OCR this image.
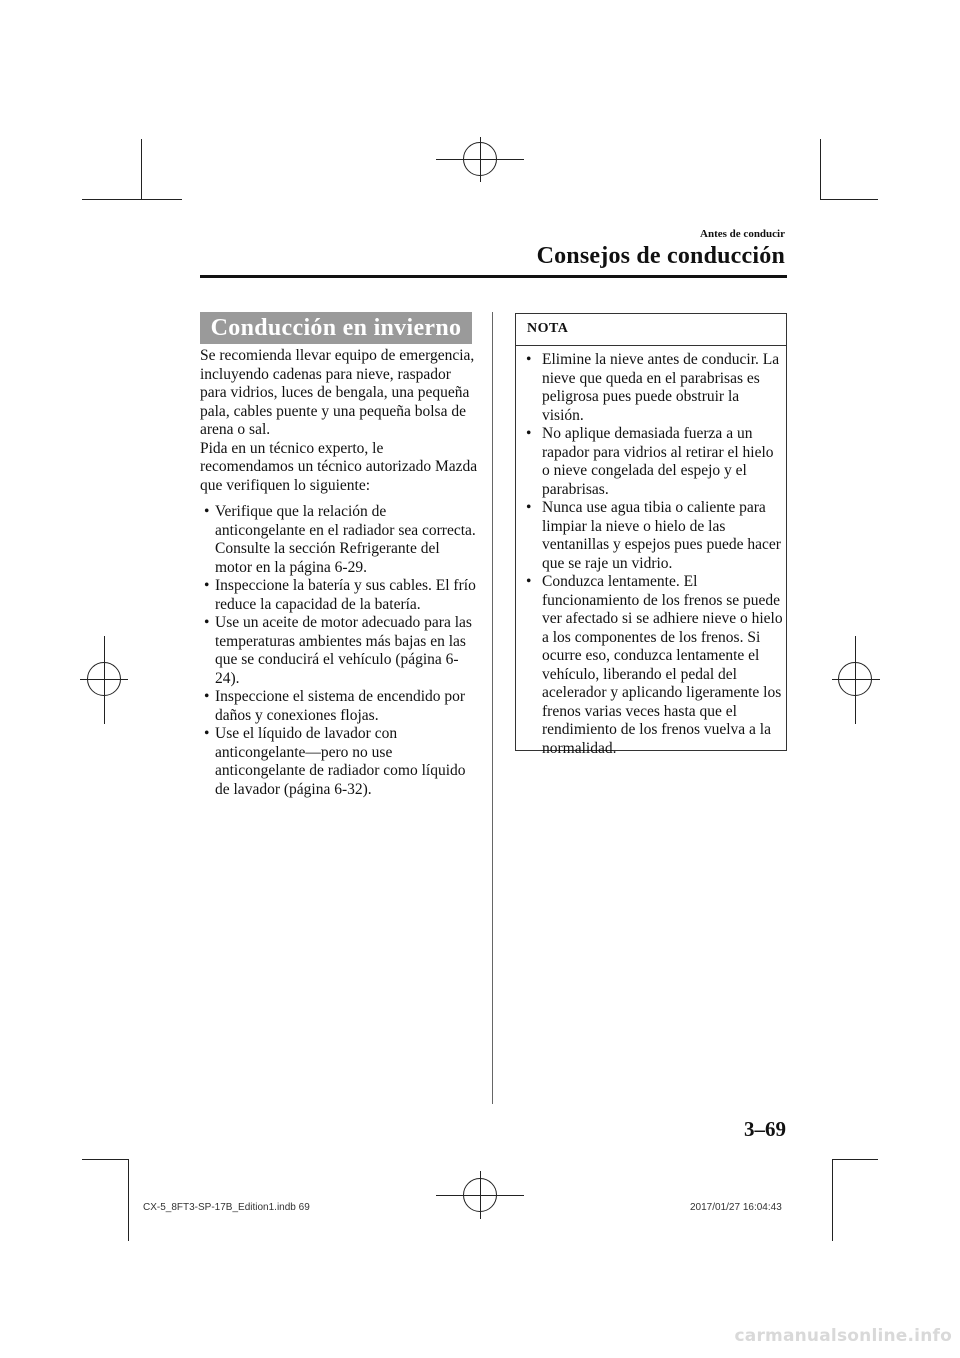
Antes de conducir
Consejos de conducción
Conducción en invierno

Se recomienda llevar equipo de emergencia, incluyendo cadenas para nieve, raspador para vidrios, luces de bengala, una pequeña pala, cables puente y una pequeña bolsa de arena o sal.

Pida en un técnico experto, le recomendamos un técnico autorizado Mazda que verifiquen lo siguiente:

• Verifique que la relación de anticongelante en el radiador sea correcta.
Consulte la sección Refrigerante del motor en la página 6-29.
• Inspeccione la batería y sus cables. El frío reduce la capacidad de la batería.
• Use un aceite de motor adecuado para las temperaturas ambientes más bajas en las que se conducirá el vehículo (página 6-24).
• Inspeccione el sistema de encendido por daños y conexiones flojas.
• Use el líquido de lavador con anticongelante—pero no use anticongelante de radiador como líquido de lavador (página 6-32).
NOTA
• Elimine la nieve antes de conducir. La nieve que queda en el parabrisas es peligrosa pues puede obstruir la visión.
• No aplique demasiada fuerza a un rapador para vidrios al retirar el hielo o nieve congelada del espejo y el parabrisas.
• Nunca use agua tibia o caliente para limpiar la nieve o hielo de las ventanillas y espejos pues puede hacer que se raje un vidrio.
• Conduzca lentamente. El funcionamiento de los frenos se puede ver afectado si se adhiere nieve o hielo a los componentes de los frenos. Si ocurre eso, conduzca lentamente el vehículo, liberando el pedal del acelerador y aplicando ligeramente los frenos varias veces hasta que el rendimiento de los frenos vuelva a la normalidad.
3–69
CX-5_8FT3-SP-17B_Edition1.indb 69	2017/01/27 16:04:43
carmanualsonline.info
